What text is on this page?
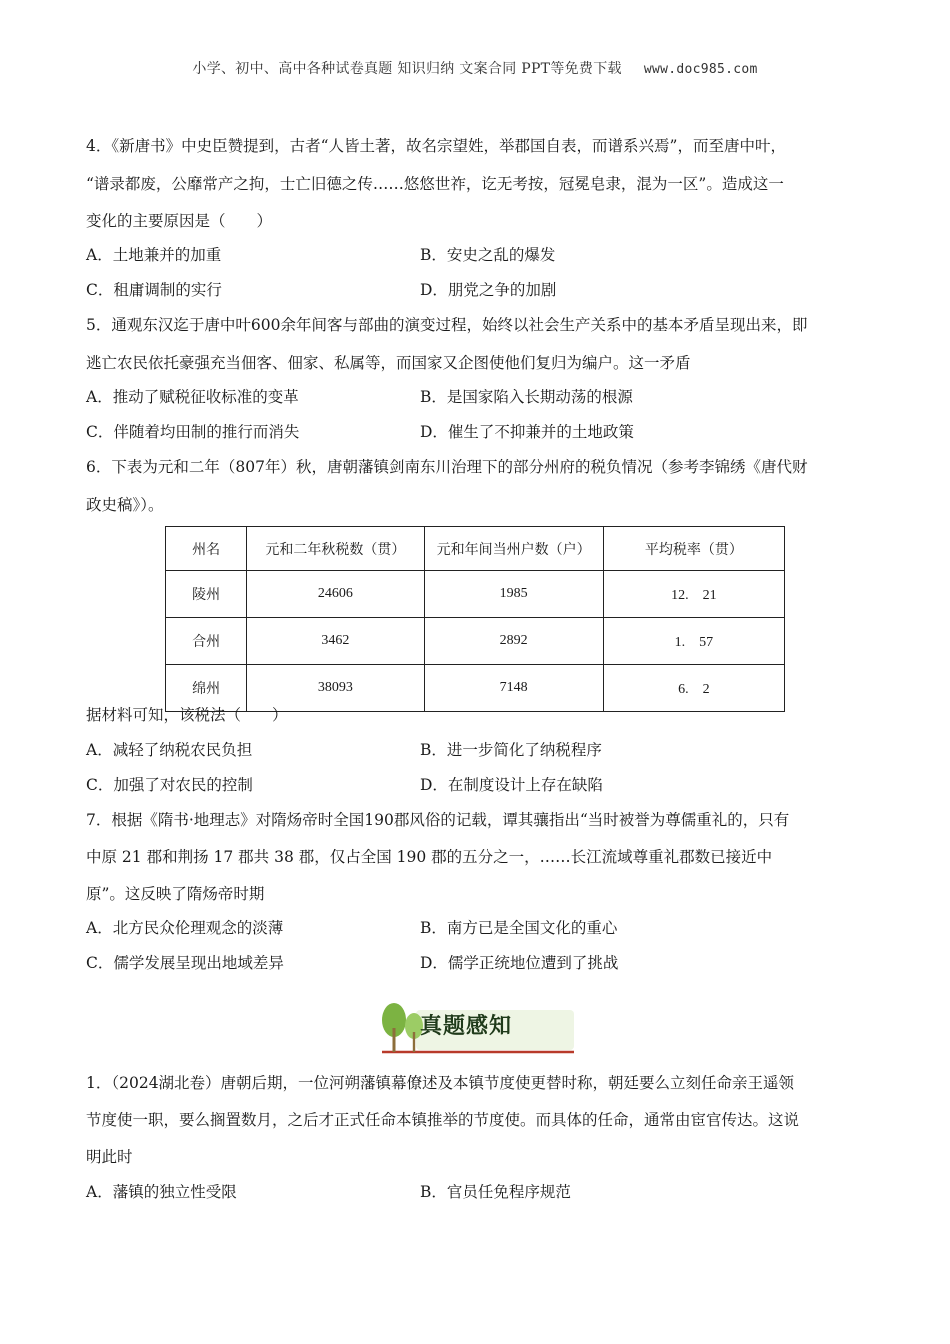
小学、初中、高中各种试卷真题 知识归纳 文案合同 PPT等免费下载 www.doc985.com
4．《新唐书》中史臣赞提到，古者“人皆土著，故名宗望姓，举郡国自表，而谱系兴焉”，而至唐中叶，
“谱录都废，公靡常产之拘，士亡旧德之传……悠悠世祚，讫无考按，冠冕皂隶，混为一区”。造成这一
变化的主要原因是（　　）
A．土地兼并的加重	B．安史之乱的爆发
C．租庸调制的实行	D．朋党之争的加剧
5．通观东汉迄于唐中叶600余年间客与部曲的演变过程，始终以社会生产关系中的基本矛盾呈现出来，即
逃亡农民依托豪强充当佃客、佃家、私属等，而国家又企图使他们复归为编户。这一矛盾
A．推动了赋税征收标准的变革	B．是国家陷入长期动荡的根源
C．伴随着均田制的推行而消失	D．催生了不抑兼并的土地政策
6．下表为元和二年（807年）秋，唐朝藩镇剑南东川治理下的部分州府的税负情况（参考李锦绣《唐代财
政史稿》）。
州名	元和二年秋税数（贯）	元和年间当州户数（户）	平均税率（贯）
陵州	24606	1985	12.　21
合州	3462	2892	1.　57
绵州	38093	7148	6.　2
据材料可知，该税法（　　）
A．减轻了纳税农民负担	B．进一步简化了纳税程序
C．加强了对农民的控制	D．在制度设计上存在缺陷
7．根据《隋书·地理志》对隋炀帝时全国190郡风俗的记载，谭其骧指出“当时被誉为尊儒重礼的，只有
中原 21 郡和荆扬 17 郡共 38 郡，仅占全国 190 郡的五分之一，……长江流域尊重礼郡数已接近中
原”。这反映了隋炀帝时期
A．北方民众伦理观念的淡薄	B．南方已是全国文化的重心
C．儒学发展呈现出地域差异	D．儒学正统地位遭到了挑战
1．（2024湖北卷）唐朝后期，一位河朔藩镇幕僚述及本镇节度使更替时称，朝廷要么立刻任命亲王遥领
节度使一职，要么搁置数月，之后才正式任命本镇推举的节度使。而具体的任命，通常由宦官传达。这说
明此时
A．藩镇的独立性受限	B．官员任免程序规范
真题感知
